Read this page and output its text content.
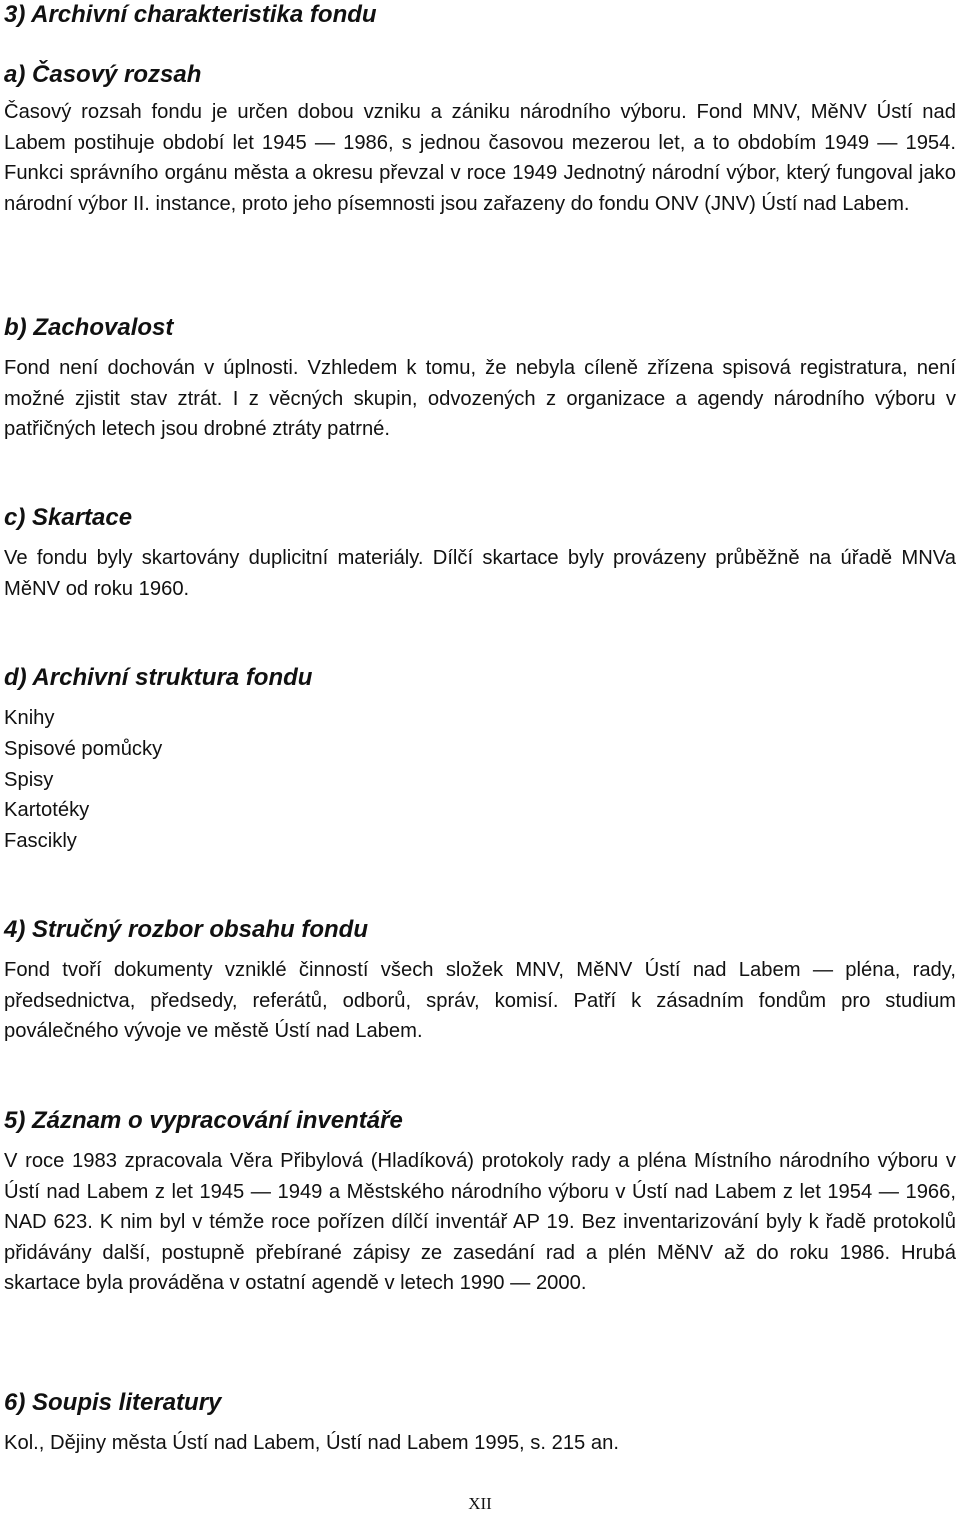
3) Archivní charakteristika fondu
a) Časový rozsah

Časový rozsah fondu je určen dobou vzniku a zániku národního výboru. Fond MNV, MěNV Ústí nad Labem postihuje období let 1945 — 1986, s jednou časovou mezerou let, a to obdobím 1949 — 1954. Funkci správního orgánu města a okresu převzal v roce 1949 Jednotný národní výbor, který fungoval jako národní výbor II. instance, proto jeho písemnosti jsou zařazeny do fondu ONV (JNV) Ústí nad Labem.

b) Zachovalost

Fond není dochován v úplnosti. Vzhledem k tomu, že nebyla cíleně zřízena spisová registratura, není možné zjistit stav ztrát. I z věcných skupin, odvozených z organizace a agendy národního výboru v patřičných letech jsou drobné ztráty patrné.

c) Skartace

Ve fondu byly skartovány duplicitní materiály. Dílčí skartace byly provázeny průběžně na úřadě MNVa MěNV od roku 1960.

d) Archivní struktura fondu
Knihy
Spisové pomůcky
Spisy
Kartotéky
Fascikly
4) Stručný rozbor obsahu fondu

Fond tvoří dokumenty vzniklé činností všech složek MNV, MěNV Ústí nad Labem — pléna, rady, předsednictva, předsedy, referátů, odborů, správ, komisí. Patří k zásadním fondům pro studium poválečného vývoje ve městě Ústí nad Labem.

5) Záznam o vypracování inventáře

V roce 1983 zpracovala Věra Přibylová (Hladíková) protokoly rady a pléna Místního národního výboru v Ústí nad Labem z let 1945 — 1949 a Městského národního výboru v Ústí nad Labem z let 1954 — 1966, NAD 623. K nim byl v témže roce pořízen dílčí inventář AP 19. Bez inventarizování byly k řadě protokolů přidávány další, postupně přebírané zápisy ze zasedání rad a plén MěNV až do roku 1986. Hrubá skartace byla prováděna v ostatní agendě v letech 1990 — 2000.

6) Soupis literatury

Kol., Dějiny města Ústí nad Labem, Ústí nad Labem 1995, s. 215 an.

XII
